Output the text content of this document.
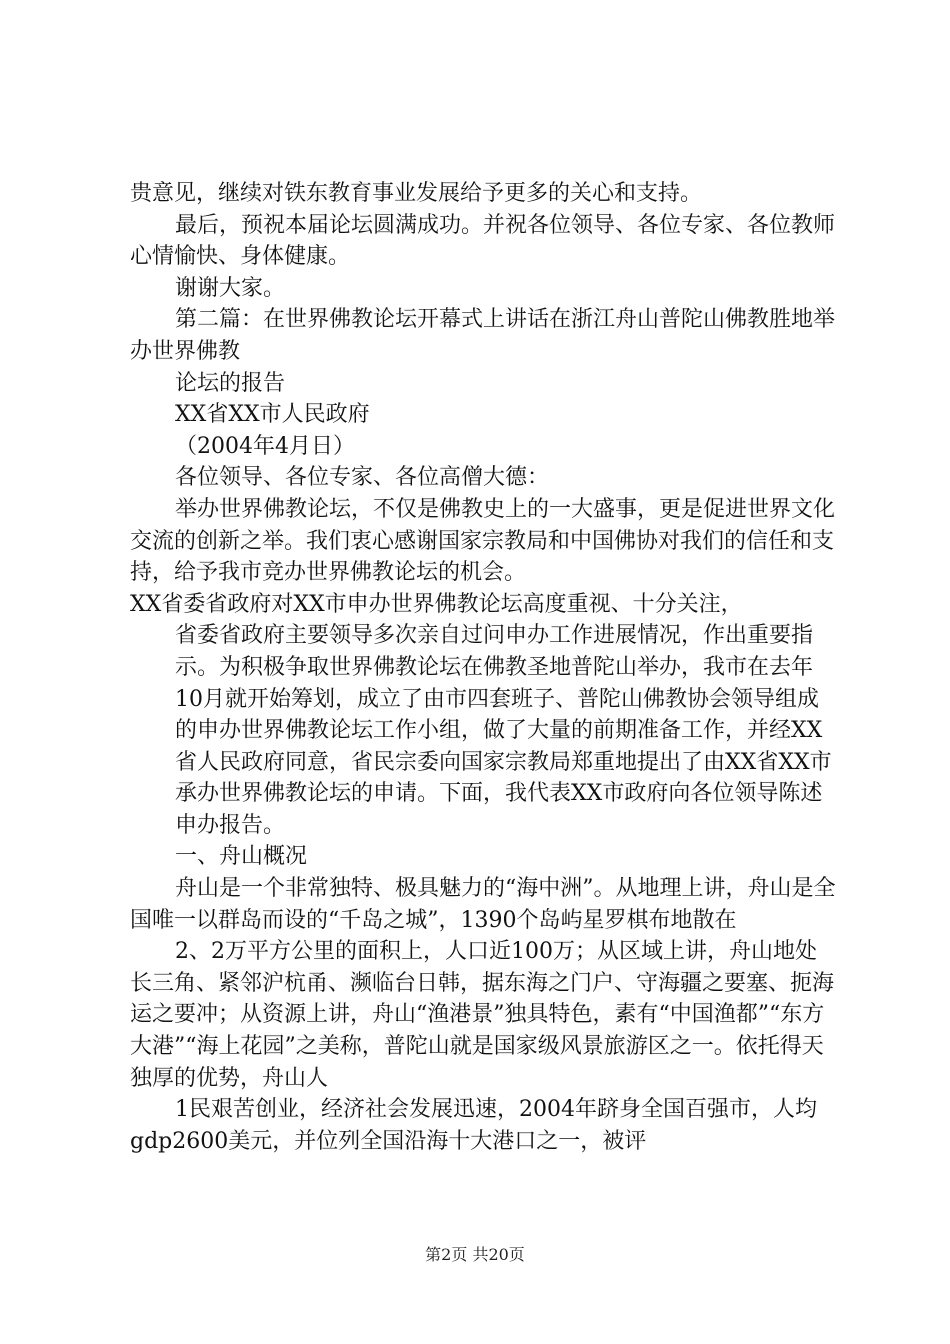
贵意见，继续对铁东教育事业发展给予更多的关心和支持。

最后，预祝本届论坛圆满成功。并祝各位领导、各位专家、各位教师心情愉快、身体健康。

谢谢大家。

第二篇：在世界佛教论坛开幕式上讲话在浙江舟山普陀山佛教胜地举办世界佛教

论坛的报告

XX省XX市人民政府

（2004年4月日）

各位领导、各位专家、各位高僧大德：

举办世界佛教论坛，不仅是佛教史上的一大盛事，更是促进世界文化交流的创新之举。我们衷心感谢国家宗教局和中国佛协对我们的信任和支持，给予我市竞办世界佛教论坛的机会。

XX省委省政府对XX市申办世界佛教论坛高度重视、十分关注，

省委省政府主要领导多次亲自过问申办工作进展情况，作出重要指示。为积极争取世界佛教论坛在佛教圣地普陀山举办，我市在去年10月就开始筹划，成立了由市四套班子、普陀山佛教协会领导组成的申办世界佛教论坛工作小组，做了大量的前期准备工作，并经XX省人民政府同意，省民宗委向国家宗教局郑重地提出了由XX省XX市承办世界佛教论坛的申请。下面，我代表XX市政府向各位领导陈述申办报告。

一、舟山概况

舟山是一个非常独特、极具魅力的“海中洲”。从地理上讲，舟山是全国唯一以群岛而设的“千岛之城”，1390个岛屿星罗棋布地散在

2、2万平方公里的面积上，人口近100万；从区域上讲，舟山地处长三角、紧邻沪杭甬、濒临台日韩，据东海之门户、守海疆之要塞、扼海运之要冲；从资源上讲，舟山“渔港景”独具特色，素有“中国渔都”“东方大港”“海上花园”之美称，普陀山就是国家级风景旅游区之一。依托得天独厚的优势，舟山人

1民艰苦创业，经济社会发展迅速，2004年跻身全国百强市，人均gdp2600美元，并位列全国沿海十大港口之一，被评

第2页 共20页
